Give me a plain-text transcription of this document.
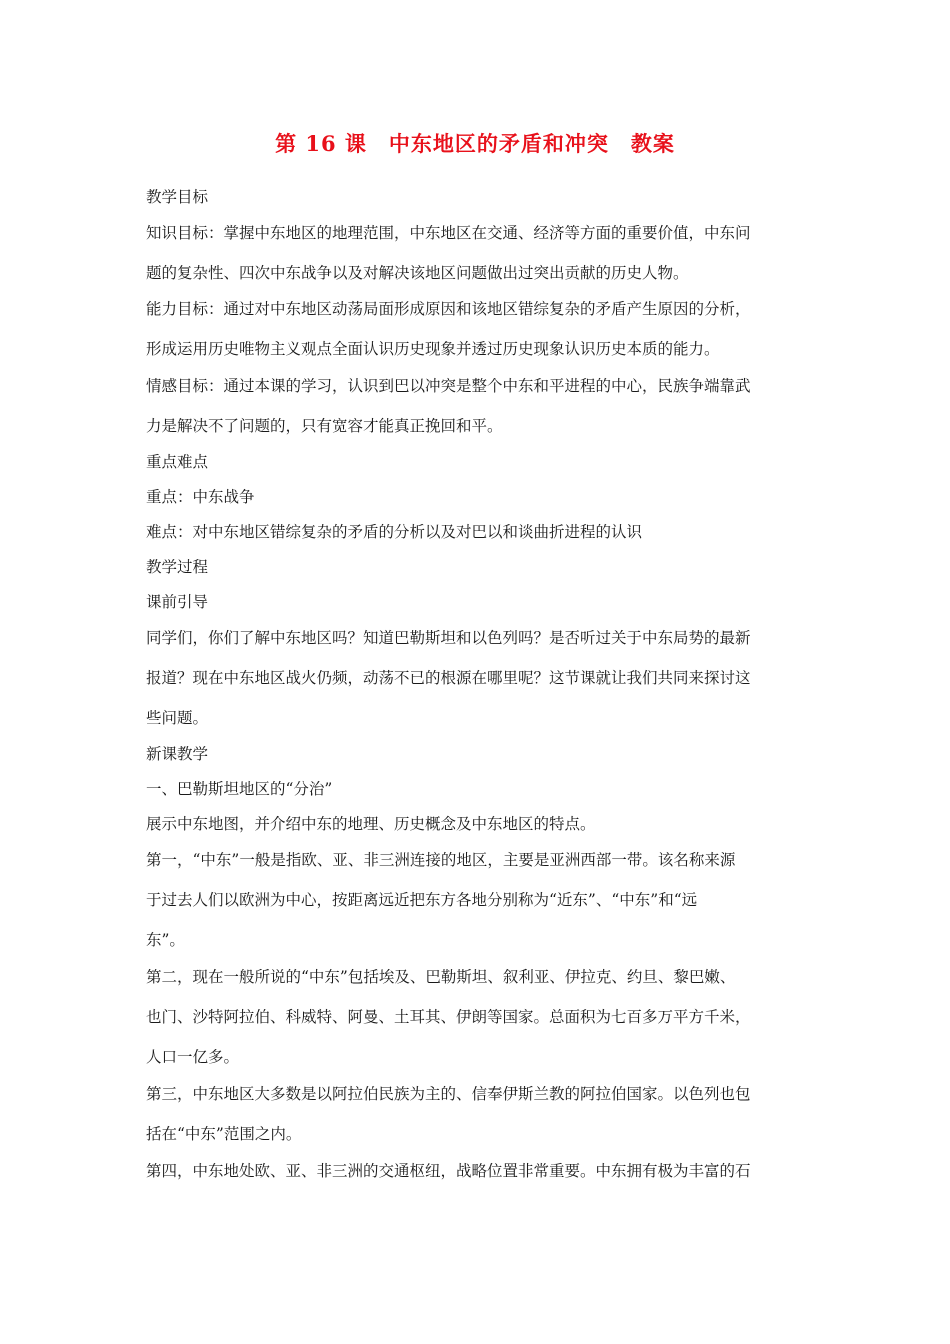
第 16 课　中东地区的矛盾和冲突　教案
教学目标
知识目标：掌握中东地区的地理范围，中东地区在交通、经济等方面的重要价值，中东问
题的复杂性、四次中东战争以及对解决该地区问题做出过突出贡献的历史人物。
能力目标：通过对中东地区动荡局面形成原因和该地区错综复杂的矛盾产生原因的分析，
形成运用历史唯物主义观点全面认识历史现象并透过历史现象认识历史本质的能力。
情感目标：通过本课的学习，认识到巴以冲突是整个中东和平进程的中心，民族争端靠武
力是解决不了问题的，只有宽容才能真正挽回和平。
重点难点
重点：中东战争
难点：对中东地区错综复杂的矛盾的分析以及对巴以和谈曲折进程的认识
教学过程
课前引导
同学们，你们了解中东地区吗？知道巴勒斯坦和以色列吗？是否听过关于中东局势的最新
报道？现在中东地区战火仍频，动荡不已的根源在哪里呢？这节课就让我们共同来探讨这
些问题。
新课教学
一、巴勒斯坦地区的“分治”
展示中东地图，并介绍中东的地理、历史概念及中东地区的特点。
第一，“中东”一般是指欧、亚、非三洲连接的地区，主要是亚洲西部一带。该名称来源
于过去人们以欧洲为中心，按距离远近把东方各地分别称为“近东”、“中东”和“远
东”。
第二，现在一般所说的“中东”包括埃及、巴勒斯坦、叙利亚、伊拉克、约旦、黎巴嫩、
也门、沙特阿拉伯、科威特、阿曼、土耳其、伊朗等国家。总面积为七百多万平方千米，
人口一亿多。
第三，中东地区大多数是以阿拉伯民族为主的、信奉伊斯兰教的阿拉伯国家。以色列也包
括在“中东”范围之内。
第四，中东地处欧、亚、非三洲的交通枢纽，战略位置非常重要。中东拥有极为丰富的石
